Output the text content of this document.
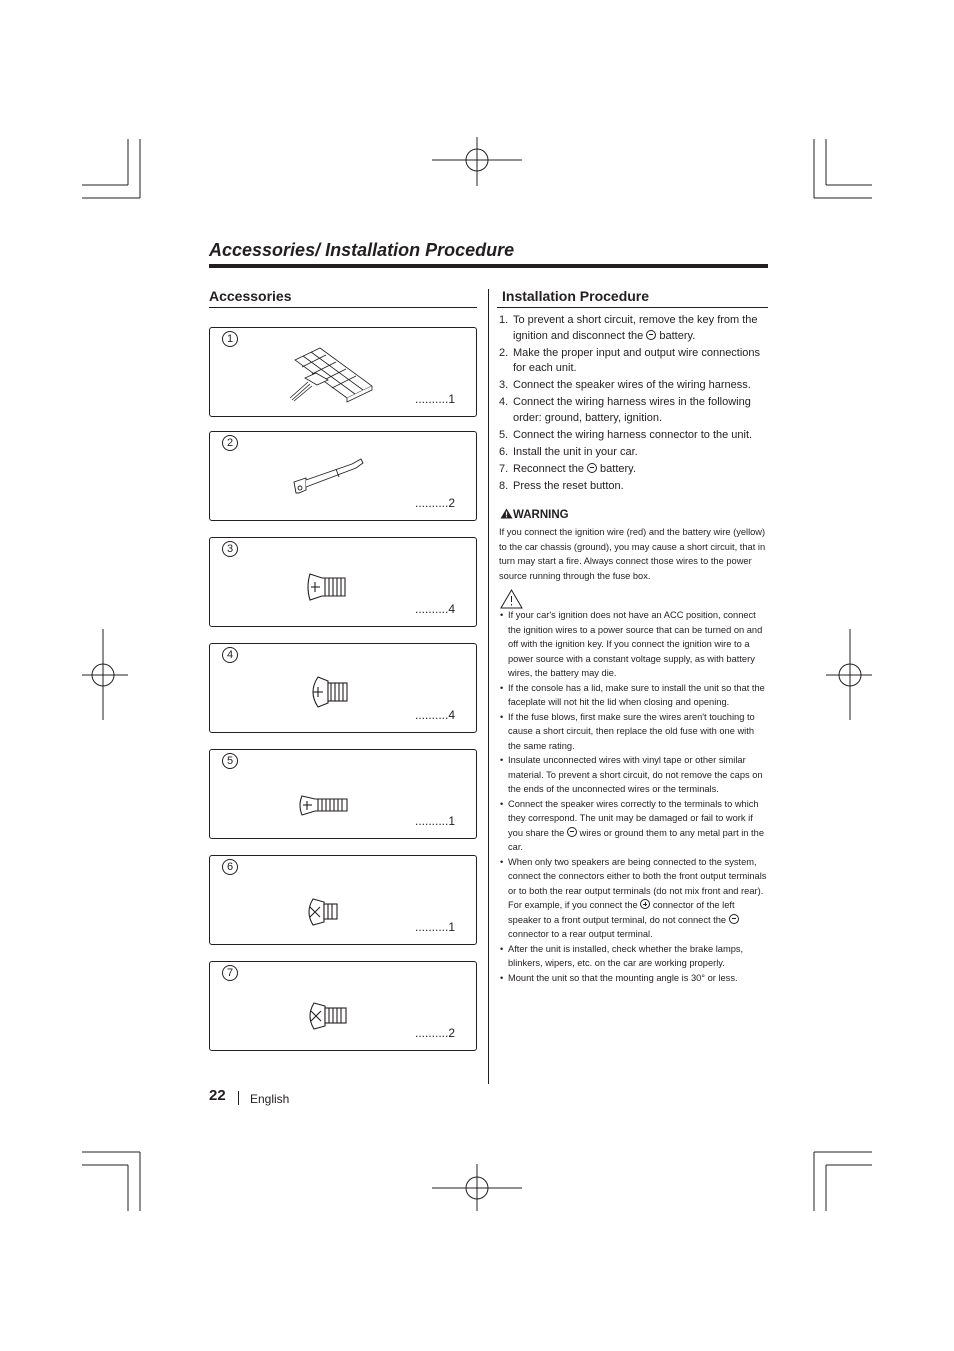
Accessories/ Installation Procedure
Accessories
1
..........1
2
..........2
3
..........4
4
..........4
5
..........1
6
..........1
7
..........2
Installation Procedure
1. To prevent a short circuit, remove the key from the ignition and disconnect the  battery.
2. Make the proper input and output wire connections for each unit.
3. Connect the speaker wires of the wiring harness.
4. Connect the wiring harness wires in the following order: ground, battery, ignition.
5. Connect the wiring harness connector to the unit.
6. Install the unit in your car.
7. Reconnect the  battery.
8. Press the reset button.
WARNING
If you connect the ignition wire (red) and the battery wire (yellow) to the car chassis (ground), you may cause a short circuit, that in turn may start a fire. Always connect those wires to the power source running through the fuse box.
• If your car's ignition does not have an ACC position, connect the ignition wires to a power source that can be turned on and off with the ignition key. If you connect the ignition wire to a power source with a constant voltage supply, as with battery wires, the battery may die.
• If the console has a lid, make sure to install the unit so that the faceplate will not hit the lid when closing and opening.
• If the fuse blows, first make sure the wires aren't touching to cause a short circuit, then replace the old fuse with one with the same rating.
• Insulate unconnected wires with vinyl tape or other similar material. To prevent a short circuit, do not remove the caps on the ends of the unconnected wires or the terminals.
• Connect the speaker wires correctly to the terminals to which they correspond. The unit may be damaged or fail to work if you share the  wires or ground them to any metal part in the car.
• When only two speakers are being connected to the system, connect the connectors either to both the front output terminals or to both the rear output terminals (do not mix front and rear). For example, if you connect the  connector of the left speaker to a front output terminal, do not connect the  connector to a rear output terminal.
• After the unit is installed, check whether the brake lamps, blinkers, wipers, etc. on the car are working properly.
• Mount the unit so that the mounting angle is 30° or less.
22 English
